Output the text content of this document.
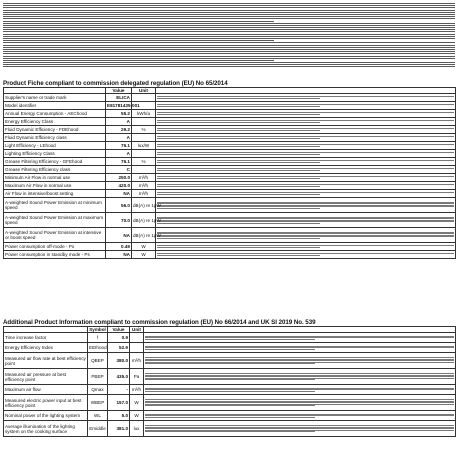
Product Fiche compliant to commission delegated regulation (EU) No 65/2014
	Value	Unit	
Supplier's name or trade mark	ELICA		

Model identifier	E81781435-001		

Annual Energy Consumption - AEChood	55.2	kWh/a	

Energy Efficiency Class	A		

Fluid Dynamic Efficiency - FDEhood	29.2	%	

Fluid Dynamic Efficiency class	A		

Light Efficiency - LEhood	76.1	lux/W	

Lighting Efficiency Class	A		

Grease Filtering Efficiency - GFEhood	76.1	%	

Grease Filtering Efficiency class	C		

Minimum Air Flow in normal use	250.0	m³/h	

Maximum Air Flow in normal use	420.0	m³/h	

Air Flow in intensive/boost setting	NA	m³/h	

A-weighted Sound Power Emission at minimum speed	56.0	dB(A) re 1pW	

A-weighted Sound Power Emission at maximum speed	70.0	dB(A) re 1pW	

A-weighted Sound Power Emission at intensive or boost speed	NA	dB(A) re 1pW	

Power consumption off-mode - Po	0.49	W	

Power consumption in standby mode - Ps	NA	W	
Additional Product Information compliant to commission regulation (EU) No 66/2014 and UK SI 2019 No. 539
	Symbol	Value	Unit	
Time increase factor	f	0.9		

Energy Efficiency Index	EEIhood	52.9		

Measured air flow rate at best efficiency point	QBEP	380.0	m³/h	

Measured air pressure at best efficiency point	PBEP	435.0	Pa	

Maximum air flow	Qmax	-	m³/h	

Measured electric power input at best efficiency point	WBEP	157.0	W	

Nominal power of the lighting system	WL	5.0	W	

Average illumination of the lighting system on the cooking surface	Emiddle	381.0	lux	
